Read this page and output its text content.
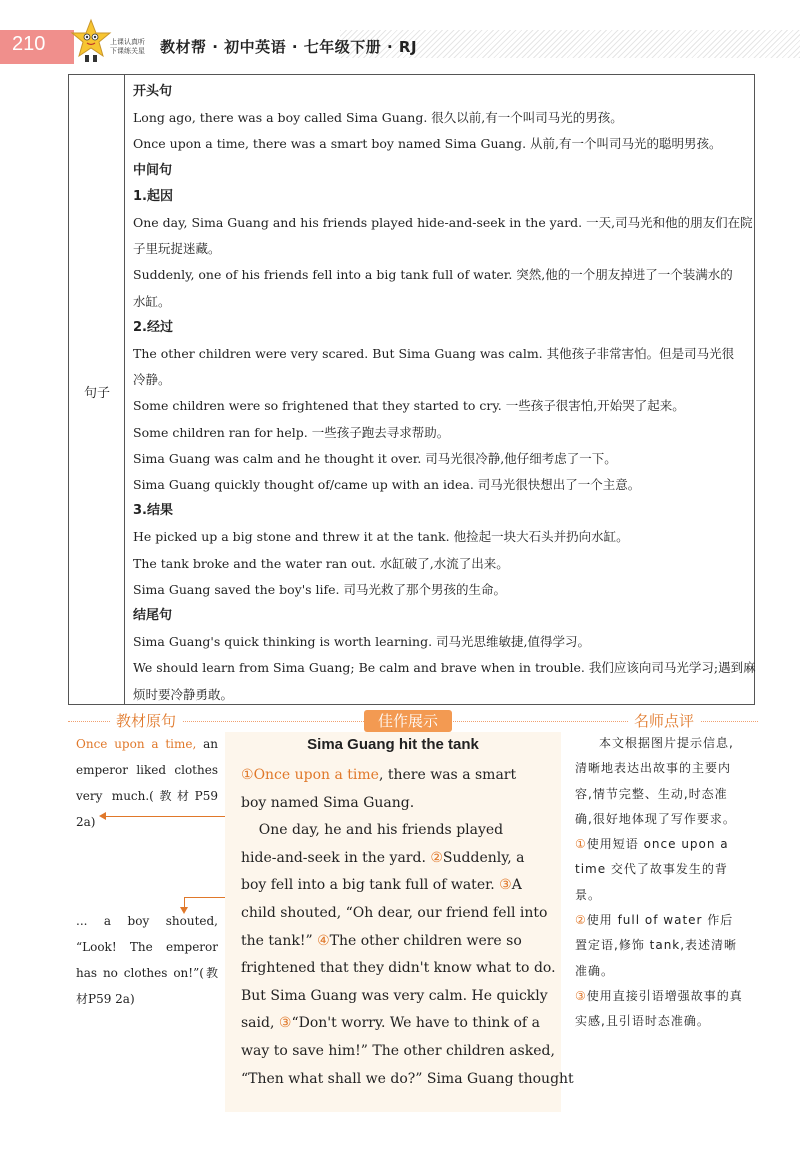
210	上课认真听
下课练关星 教材帮 · 初中英语 · 七年级下册 · RJ
句子
开头句
Long ago, there was a boy called Sima Guang. 很久以前,有一个叫司马光的男孩。
Once upon a time, there was a smart boy named Sima Guang. 从前,有一个叫司马光的聪明男孩。
中间句
1.起因
One day, Sima Guang and his friends played hide-and-seek in the yard. 一天,司马光和他的朋友们在院
子里玩捉迷藏。
Suddenly, one of his friends fell into a big tank full of water. 突然,他的一个朋友掉进了一个装满水的
水缸。
2.经过
The other children were very scared. But Sima Guang was calm. 其他孩子非常害怕。但是司马光很
冷静。
Some children were so frightened that they started to cry. 一些孩子很害怕,开始哭了起来。
Some children ran for help. 一些孩子跑去寻求帮助。
Sima Guang was calm and he thought it over. 司马光很冷静,他仔细考虑了一下。
Sima Guang quickly thought of/came up with an idea. 司马光很快想出了一个主意。
3.结果
He picked up a big stone and threw it at the tank. 他捡起一块大石头并扔向水缸。
The tank broke and the water ran out. 水缸破了,水流了出来。
Sima Guang saved the boy's life. 司马光救了那个男孩的生命。
结尾句
Sima Guang's quick thinking is worth learning. 司马光思维敏捷,值得学习。
We should learn from Sima Guang; Be calm and brave when in trouble. 我们应该向司马光学习;遇到麻
烦时要冷静勇敢。
教材原句	佳作展示	名师点评
Once upon a time, an emperor liked clothes very much.(教材P59 2a)
... a boy shouted, “Look! The emperor has no clothes on!”(教材P59 2a)
Sima Guang hit the tank
①Once upon a time, there was a smart
boy named Sima Guang.
One day, he and his friends played
hide-and-seek in the yard. ②Suddenly, a
boy fell into a big tank full of water. ③A
child shouted, “Oh dear, our friend fell into
the tank!” ④The other children were so
frightened that they didn't know what to do.
But Sima Guang was very calm. He quickly
said, ③“Don't worry. We have to think of a
way to save him!” The other children asked,
“Then what shall we do?” Sima Guang thought
本文根据图片提示信息,清晰地表达出故事的主要内容,情节完整、生动,时态准确,很好地体现了写作要求。
①使用短语 once upon a time 交代了故事发生的背景。
②使用 full of water 作后置定语,修饰 tank,表述清晰准确。
③使用直接引语增强故事的真实感,且引语时态准确。
